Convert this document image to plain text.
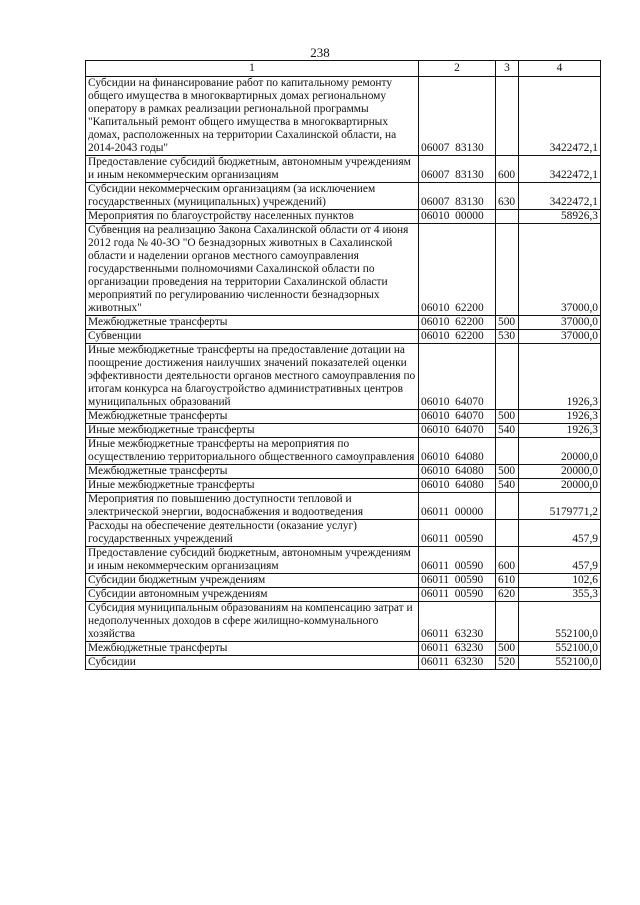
238
1	2	3	4
Субсидии на финансирование работ по капитальному ремонту общего имущества в многоквартирных домах региональному оператору в рамках реализации региональной программы "Капитальный ремонт общего имущества в многоквартирных домах, расположенных на территории Сахалинской области, на 2014-2043 годы"	06007  83130		3422472,1
Предоставление субсидий бюджетным, автономным учреждениям и иным некоммерческим организациям	06007  83130	600	3422472,1
Субсидии некоммерческим организациям (за исключением государственных (муниципальных) учреждений)	06007  83130	630	3422472,1
Мероприятия по благоустройству населенных пунктов	06010  00000		58926,3
Субвенция на реализацию Закона Сахалинской области от 4 июня 2012 года № 40-ЗО "О безнадзорных животных в Сахалинской области и наделении органов местного самоуправления государственными полномочиями Сахалинской области по организации проведения на территории Сахалинской области мероприятий по регулированию численности безнадзорных животных"	06010  62200		37000,0
Межбюджетные трансферты	06010  62200	500	37000,0
Субвенции	06010  62200	530	37000,0
Иные межбюджетные трансферты на предоставление дотации на поощрение достижения наилучших значений показателей оценки эффективности деятельности органов местного самоуправления по итогам конкурса на благоустройство административных центров муниципальных образований	06010  64070		1926,3
Межбюджетные трансферты	06010  64070	500	1926,3
Иные межбюджетные трансферты	06010  64070	540	1926,3
Иные межбюджетные трансферты на мероприятия по осуществлению территориального общественного самоуправления	06010  64080		20000,0
Межбюджетные трансферты	06010  64080	500	20000,0
Иные межбюджетные трансферты	06010  64080	540	20000,0
Мероприятия по повышению доступности тепловой и электрической энергии, водоснабжения и водоотведения	06011  00000		5179771,2
Расходы на обеспечение деятельности (оказание услуг) государственных учреждений	06011  00590		457,9
Предоставление субсидий бюджетным, автономным учреждениям и иным некоммерческим организациям	06011  00590	600	457,9
Субсидии бюджетным учреждениям	06011  00590	610	102,6
Субсидии автономным учреждениям	06011  00590	620	355,3
Субсидия муниципальным образованиям на компенсацию затрат и недополученных доходов в сфере жилищно-коммунального хозяйства	06011  63230		552100,0
Межбюджетные трансферты	06011  63230	500	552100,0
Субсидии	06011  63230	520	552100,0
